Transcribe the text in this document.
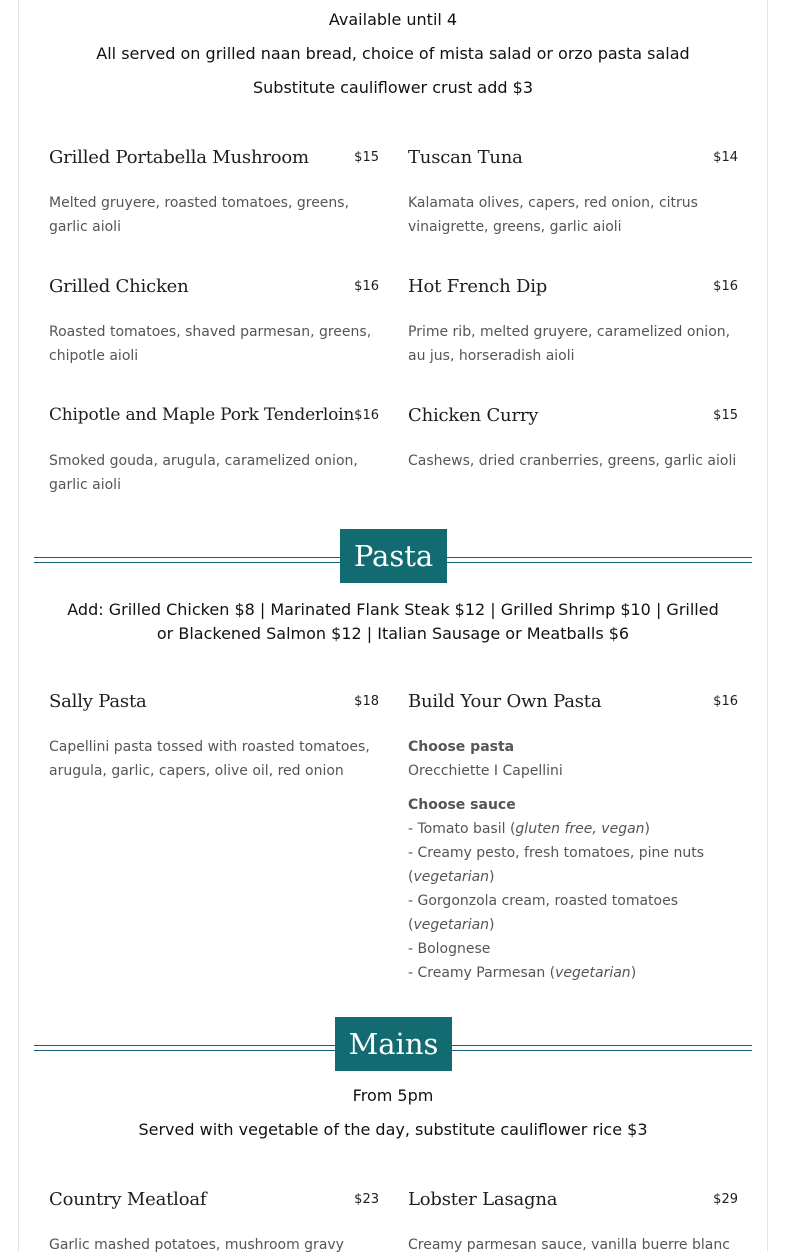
Available until 4
All served on grilled naan bread, choice of mista salad or orzo pasta salad
Substitute cauliflower crust add $3
Grilled Portabella Mushroom	$15
Melted gruyere, roasted tomatoes, greens, garlic aioli
Tuscan Tuna	$14
Kalamata olives, capers, red onion, citrus vinaigrette, greens, garlic aioli
Grilled Chicken	$16
Roasted tomatoes, shaved parmesan, greens, chipotle aioli
Hot French Dip	$16
Prime rib, melted gruyere, caramelized onion, au jus, horseradish aioli
Chipotle and Maple Pork Tenderloin $16
Smoked gouda, arugula, caramelized onion, garlic aioli
Chicken Curry	$15
Cashews, dried cranberries, greens, garlic aioli
Pasta
Add: Grilled Chicken $8 | Marinated Flank Steak $12 | Grilled Shrimp $10 | Grilled or Blackened Salmon $12 | Italian Sausage or Meatballs $6
Sally Pasta	$18
Capellini pasta tossed with roasted tomatoes, arugula, garlic, capers, olive oil, red onion
Build Your Own Pasta	$16
Choose pasta
Orecchiette I Capellini
Choose sauce
- Tomato basil (gluten free, vegan)
- Creamy pesto, fresh tomatoes, pine nuts (vegetarian)
- Gorgonzola cream, roasted tomatoes (vegetarian)
- Bolognese
- Creamy Parmesan (vegetarian)
Mains
From 5pm
Served with vegetable of the day, substitute cauliflower rice $3
Country Meatloaf	$23
Garlic mashed potatoes, mushroom gravy
Lobster Lasagna	$29
Creamy parmesan sauce, vanilla buerre blanc
